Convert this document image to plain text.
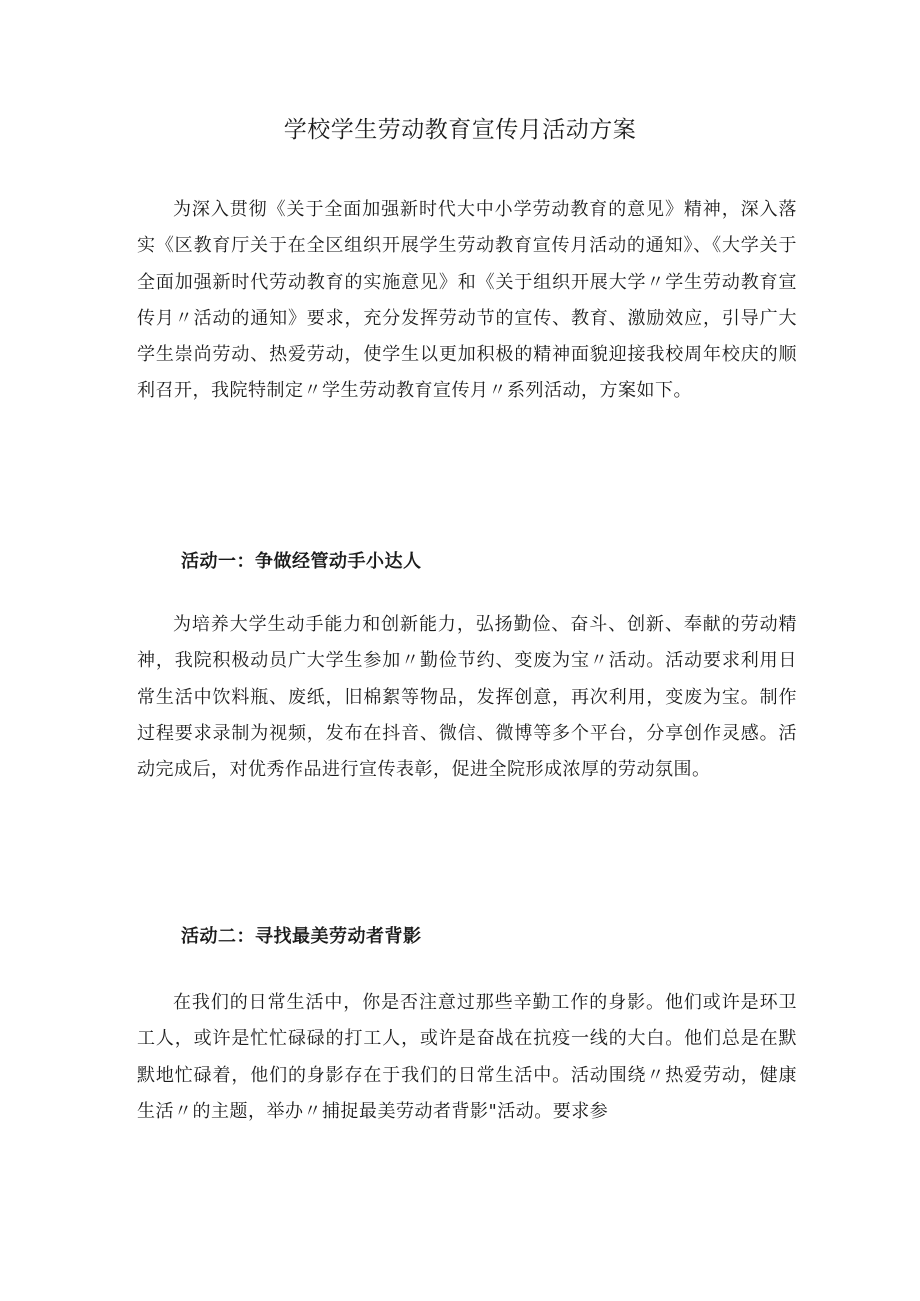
学校学生劳动教育宣传月活动方案

为深入贯彻《关于全面加强新时代大中小学劳动教育的意见》精神，深入落实《区教育厅关于在全区组织开展学生劳动教育宣传月活动的通知》、《大学关于全面加强新时代劳动教育的实施意见》和《关于组织开展大学〃学生劳动教育宣传月〃活动的通知》要求，充分发挥劳动节的宣传、教育、激励效应，引导广大学生崇尚劳动、热爱劳动，使学生以更加积极的精神面貌迎接我校周年校庆的顺利召开，我院特制定〃学生劳动教育宣传月〃系列活动，方案如下。

活动一：争做经管动手小达人

为培养大学生动手能力和创新能力，弘扬勤俭、奋斗、创新、奉献的劳动精神，我院积极动员广大学生参加〃勤俭节约、变废为宝〃活动。活动要求利用日常生活中饮料瓶、废纸，旧棉絮等物品，发挥创意，再次利用，变废为宝。制作过程要求录制为视频，发布在抖音、微信、微博等多个平台，分享创作灵感。活动完成后，对优秀作品进行宣传表彰，促进全院形成浓厚的劳动氛围。

活动二：寻找最美劳动者背影

在我们的日常生活中，你是否注意过那些辛勤工作的身影。他们或许是环卫工人，或许是忙忙碌碌的打工人，或许是奋战在抗疫一线的大白。他们总是在默默地忙碌着，他们的身影存在于我们的日常生活中。活动围绕〃热爱劳动，健康生活〃的主题，举办〃捕捉最美劳动者背影"活动。要求参
